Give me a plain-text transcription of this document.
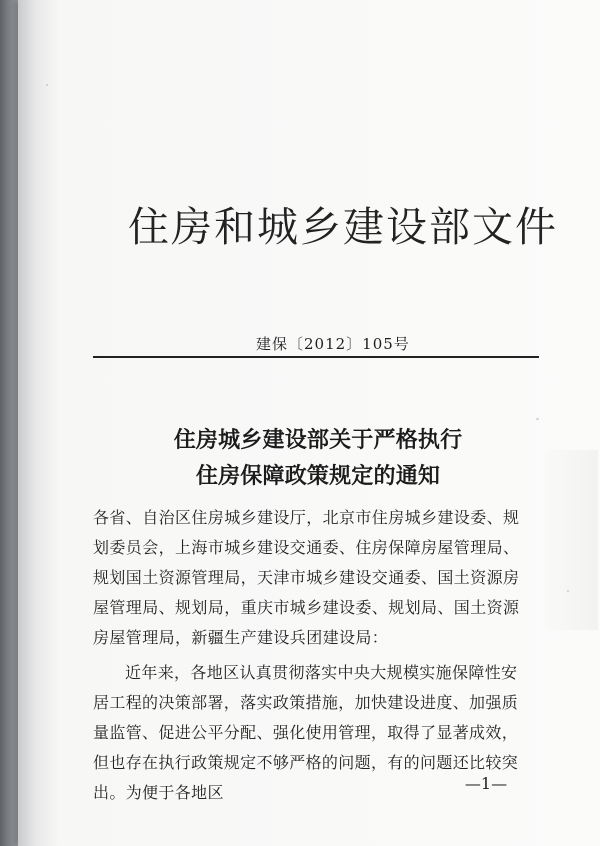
住房和城乡建设部文件
建保〔2012〕105号
住房城乡建设部关于严格执行
住房保障政策规定的通知
各省、自治区住房城乡建设厅，北京市住房城乡建设委、规划委员会，上海市城乡建设交通委、住房保障房屋管理局、规划国土资源管理局，天津市城乡建设交通委、国土资源房屋管理局、规划局，重庆市城乡建设委、规划局、国土资源房屋管理局，新疆生产建设兵团建设局：
近年来，各地区认真贯彻落实中央大规模实施保障性安居工程的决策部署，落实政策措施，加快建设进度、加强质量监管、促进公平分配、强化使用管理，取得了显著成效，但也存在执行政策规定不够严格的问题，有的问题还比较突出。为便于各地区	—1—
